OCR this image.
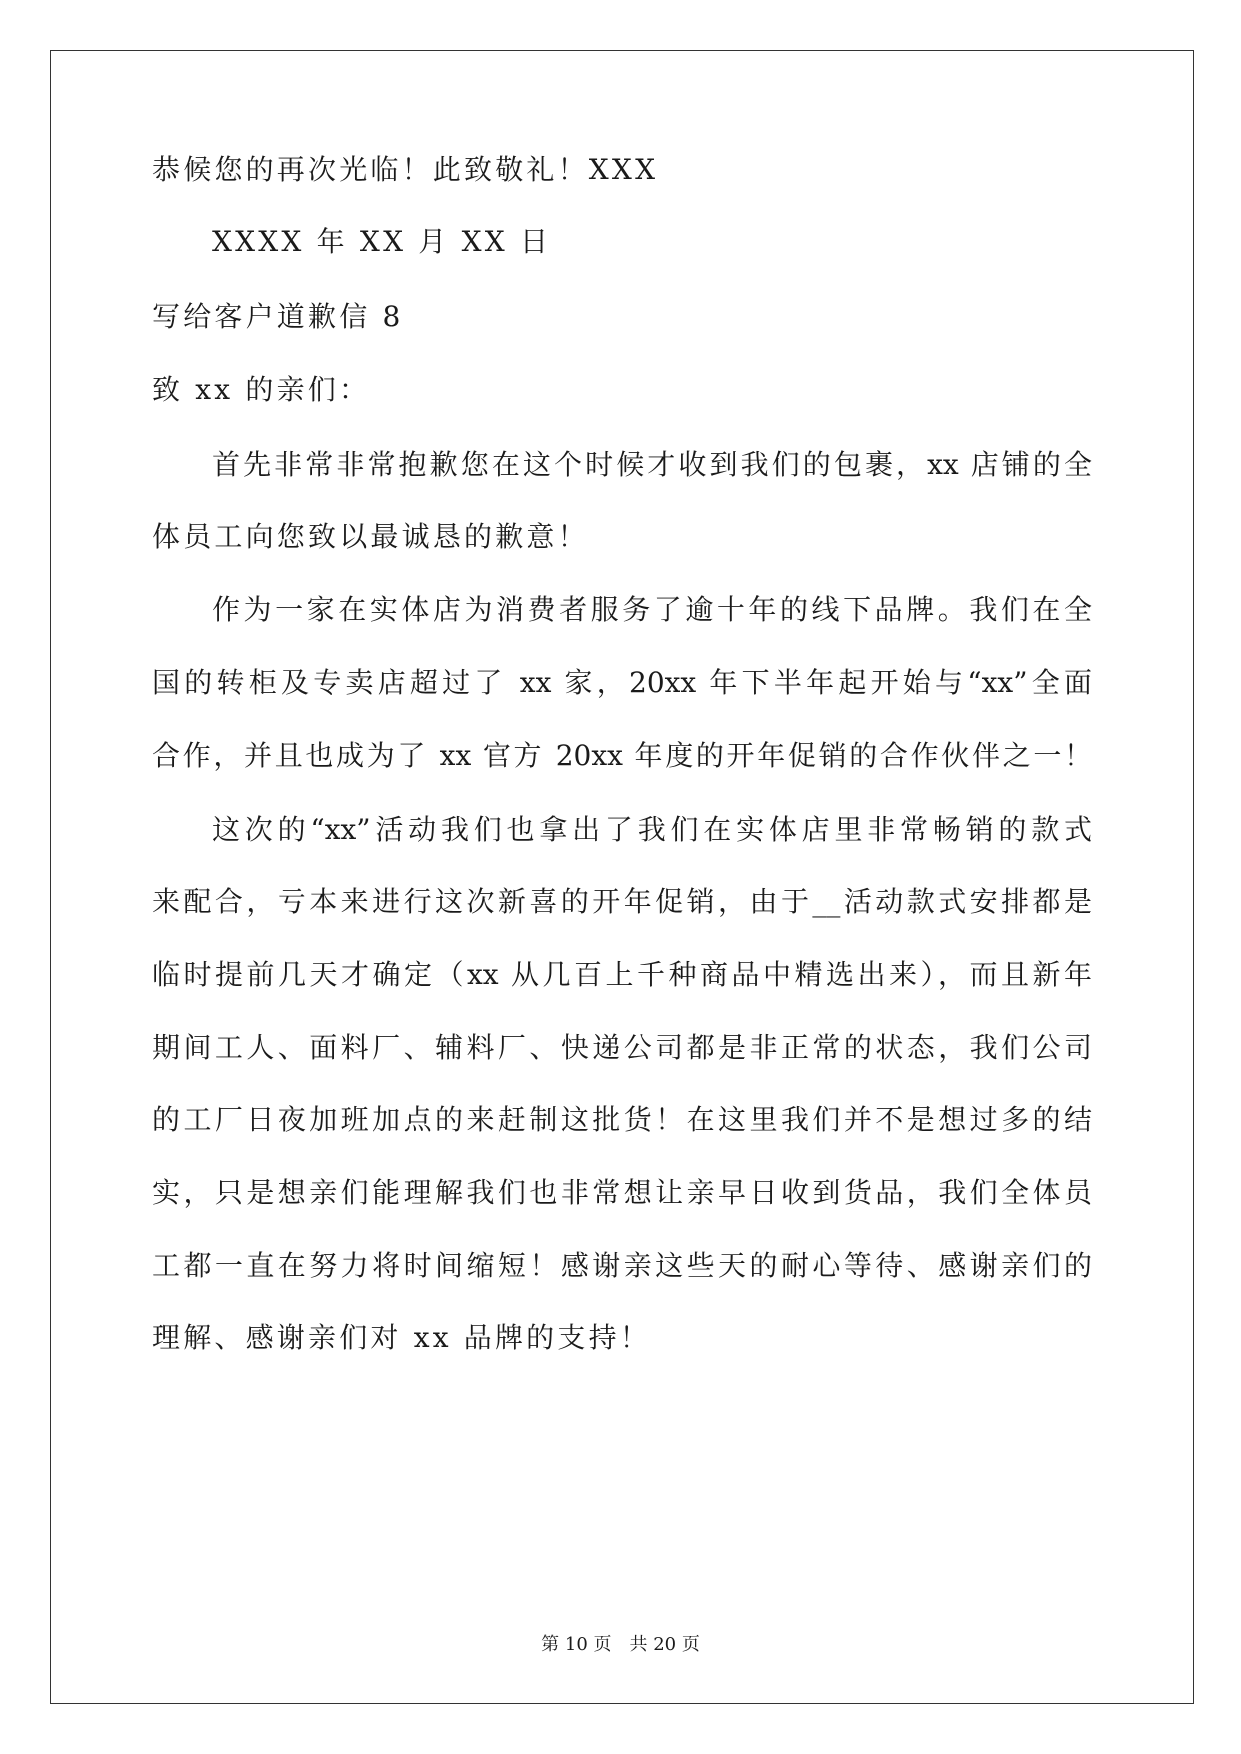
恭候您的再次光临！此致敬礼！XXX
XXXX 年 XX 月 XX 日
写给客户道歉信 8
致 xx 的亲们：
首先非常非常抱歉您在这个时候才收到我们的包裹，xx 店铺的全
体员工向您致以最诚恳的歉意！
作为一家在实体店为消费者服务了逾十年的线下品牌。我们在全
国的转柜及专卖店超过了 xx 家，20xx 年下半年起开始与“xx”全面
合作，并且也成为了 xx 官方 20xx 年度的开年促销的合作伙伴之一！
这次的“xx”活动我们也拿出了我们在实体店里非常畅销的款式
来配合，亏本来进行这次新喜的开年促销，由于__活动款式安排都是
临时提前几天才确定（xx 从几百上千种商品中精选出来），而且新年
期间工人、面料厂、辅料厂、快递公司都是非正常的状态，我们公司
的工厂日夜加班加点的来赶制这批货！在这里我们并不是想过多的结
实，只是想亲们能理解我们也非常想让亲早日收到货品，我们全体员
工都一直在努力将时间缩短！感谢亲这些天的耐心等待、感谢亲们的
理解、感谢亲们对 xx 品牌的支持！
第 10 页 共 20 页
